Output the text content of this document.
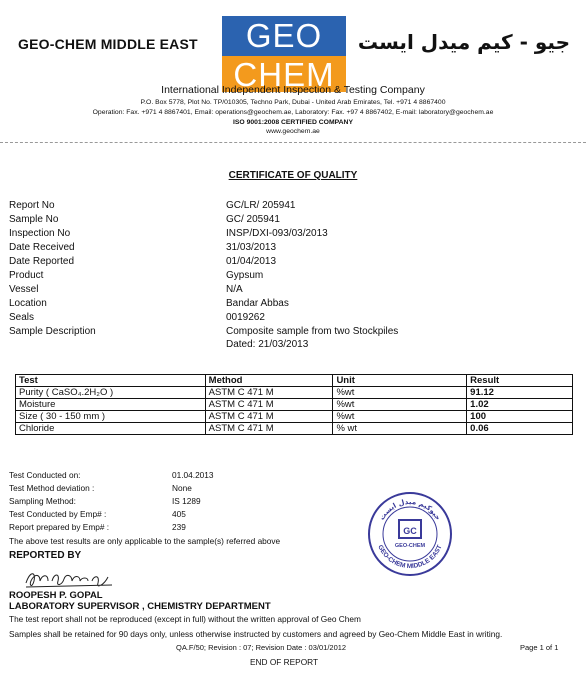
GEO-CHEM MIDDLE EAST	GEO
CHEM
جيو - كيم ميدل ايست
International Independent Inspection & Testing Company
P.O. Box 5778, Plot No. TP/010305, Techno Park, Dubai - United Arab Emirates, Tel. +971 4 8867400
Operation: Fax. +971 4 8867401, Email: operations@geochem.ae, Laboratory: Fax. +97 4 8867402, E-mail: laboratory@geochem.ae
ISO 9001:2008 CERTIFIED COMPANY
www.geochem.ae
CERTIFICATE OF QUALITY
Report No	GC/LR/ 205941
Sample No	GC/ 205941
Inspection No	INSP/DXI-093/03/2013
Date Received	31/03/2013
Date Reported	01/04/2013
Product	Gypsum
Vessel	N/A
Location	Bandar Abbas
Seals	0019262
Sample Description	Composite sample from two Stockpiles
Dated: 21/03/2013
Test	Method	Unit	Result
Purity ( CaSO₄.2H₂O )	ASTM C 471 M	%wt	91.12
Moisture	ASTM C 471 M	%wt	1.02
Size ( 30 - 150 mm )	ASTM C 471 M	%wt	100
Chloride	ASTM C 471 M	% wt	0.06
Test Conducted on:	01.04.2013
Test Method deviation :	None
Sampling Method:	IS 1289
Test Conducted by Emp# :	405
Report prepared by Emp# :	239
The above test results are only applicable to the sample(s) referred above
REPORTED BY
جيوكيم ميدل ايست
GEO-CHEM MIDDLE EAST
GC
GEO-CHEM
ROOPESH P. GOPAL
LABORATORY SUPERVISOR , CHEMISTRY DEPARTMENT
The test report shall not be reproduced (except in full) without the written approval of Geo Chem
Samples shall be retained for 90 days only, unless otherwise instructed by customers and agreed by Geo-Chem Middle East in writing.
QA.F/50; Revision : 07; Revision Date : 03/01/2012	Page 1 of 1
END OF REPORT
